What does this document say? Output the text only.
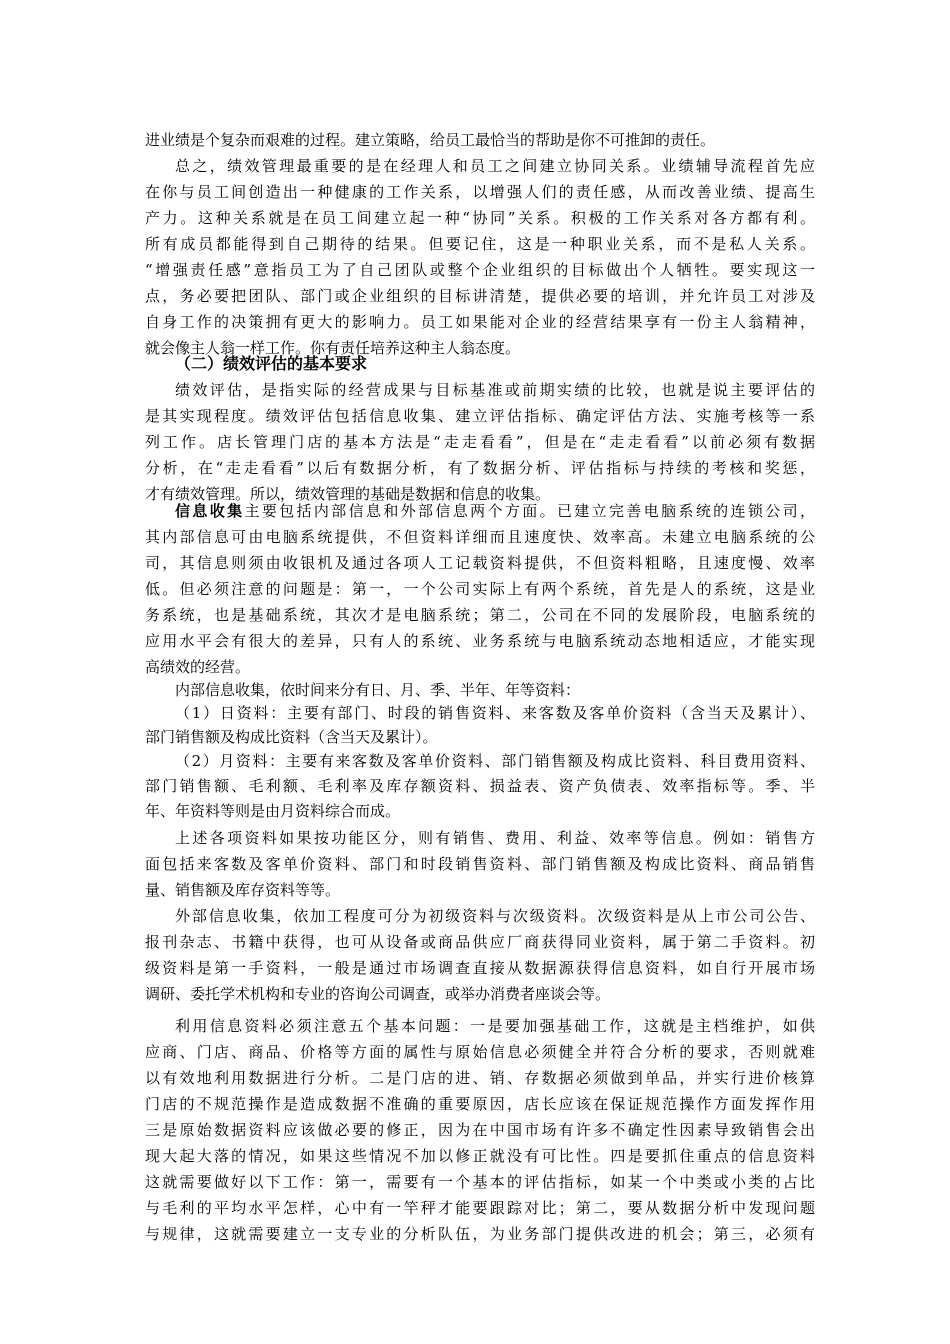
进业绩是个复杂而艰难的过程。建立策略，给员工最恰当的帮助是你不可推卸的责任。
总之，绩效管理最重要的是在经理人和员工之间建立协同关系。业绩辅导流程首先应
在你与员工间创造出一种健康的工作关系，以增强人们的责任感，从而改善业绩、提高生
产力。这种关系就是在员工间建立起一种“协同”关系。积极的工作关系对各方都有利。
所有成员都能得到自己期待的结果。但要记住，这是一种职业关系，而不是私人关系。
“增强责任感”意指员工为了自己团队或整个企业组织的目标做出个人牺牲。要实现这一
点，务必要把团队、部门或企业组织的目标讲清楚，提供必要的培训，并允许员工对涉及
自身工作的决策拥有更大的影响力。员工如果能对企业的经营结果享有一份主人翁精神，
就会像主人翁一样工作。你有责任培养这种主人翁态度。
（二）绩效评估的基本要求
绩效评估，是指实际的经营成果与目标基准或前期实绩的比较，也就是说主要评估的
是其实现程度。绩效评估包括信息收集、建立评估指标、确定评估方法、实施考核等一系
列工作。店长管理门店的基本方法是“走走看看”，但是在“走走看看”以前必须有数据
分析，在“走走看看”以后有数据分析，有了数据分析、评估指标与持续的考核和奖惩，
才有绩效管理。所以，绩效管理的基础是数据和信息的收集。
信息收集主要包括内部信息和外部信息两个方面。已建立完善电脑系统的连锁公司，
其内部信息可由电脑系统提供，不但资料详细而且速度快、效率高。未建立电脑系统的公
司，其信息则须由收银机及通过各项人工记载资料提供，不但资料粗略，且速度慢、效率
低。但必须注意的问题是：第一，一个公司实际上有两个系统，首先是人的系统，这是业
务系统，也是基础系统，其次才是电脑系统；第二，公司在不同的发展阶段，电脑系统的
应用水平会有很大的差异，只有人的系统、业务系统与电脑系统动态地相适应，才能实现
高绩效的经营。
内部信息收集，依时间来分有日、月、季、半年、年等资料：
（1）日资料：主要有部门、时段的销售资料、来客数及客单价资料（含当天及累计）、
部门销售额及构成比资料（含当天及累计）。
（2）月资料：主要有来客数及客单价资料、部门销售额及构成比资料、科目费用资料、
部门销售额、毛利额、毛利率及库存额资料、损益表、资产负债表、效率指标等。季、半
年、年资料等则是由月资料综合而成。
上述各项资料如果按功能区分，则有销售、费用、利益、效率等信息。例如：销售方
面包括来客数及客单价资料、部门和时段销售资料、部门销售额及构成比资料、商品销售
量、销售额及库存资料等等。
外部信息收集，依加工程度可分为初级资料与次级资料。次级资料是从上市公司公告、
报刊杂志、书籍中获得，也可从设备或商品供应厂商获得同业资料，属于第二手资料。初
级资料是第一手资料，一般是通过市场调查直接从数据源获得信息资料，如自行开展市场
调研、委托学术机构和专业的咨询公司调查，或举办消费者座谈会等。
利用信息资料必须注意五个基本问题：一是要加强基础工作，这就是主档维护，如供
应商、门店、商品、价格等方面的属性与原始信息必须健全并符合分析的要求，否则就难
以有效地利用数据进行分析。二是门店的进、销、存数据必须做到单品，并实行进价核算
门店的不规范操作是造成数据不准确的重要原因，店长应该在保证规范操作方面发挥作用
三是原始数据资料应该做必要的修正，因为在中国市场有许多不确定性因素导致销售会出
现大起大落的情况，如果这些情况不加以修正就没有可比性。四是要抓住重点的信息资料
这就需要做好以下工作：第一，需要有一个基本的评估指标，如某一个中类或小类的占比
与毛利的平均水平怎样，心中有一竿秤才能要跟踪对比；第二，要从数据分析中发现问题
与规律，这就需要建立一支专业的分析队伍，为业务部门提供改进的机会；第三，必须有
